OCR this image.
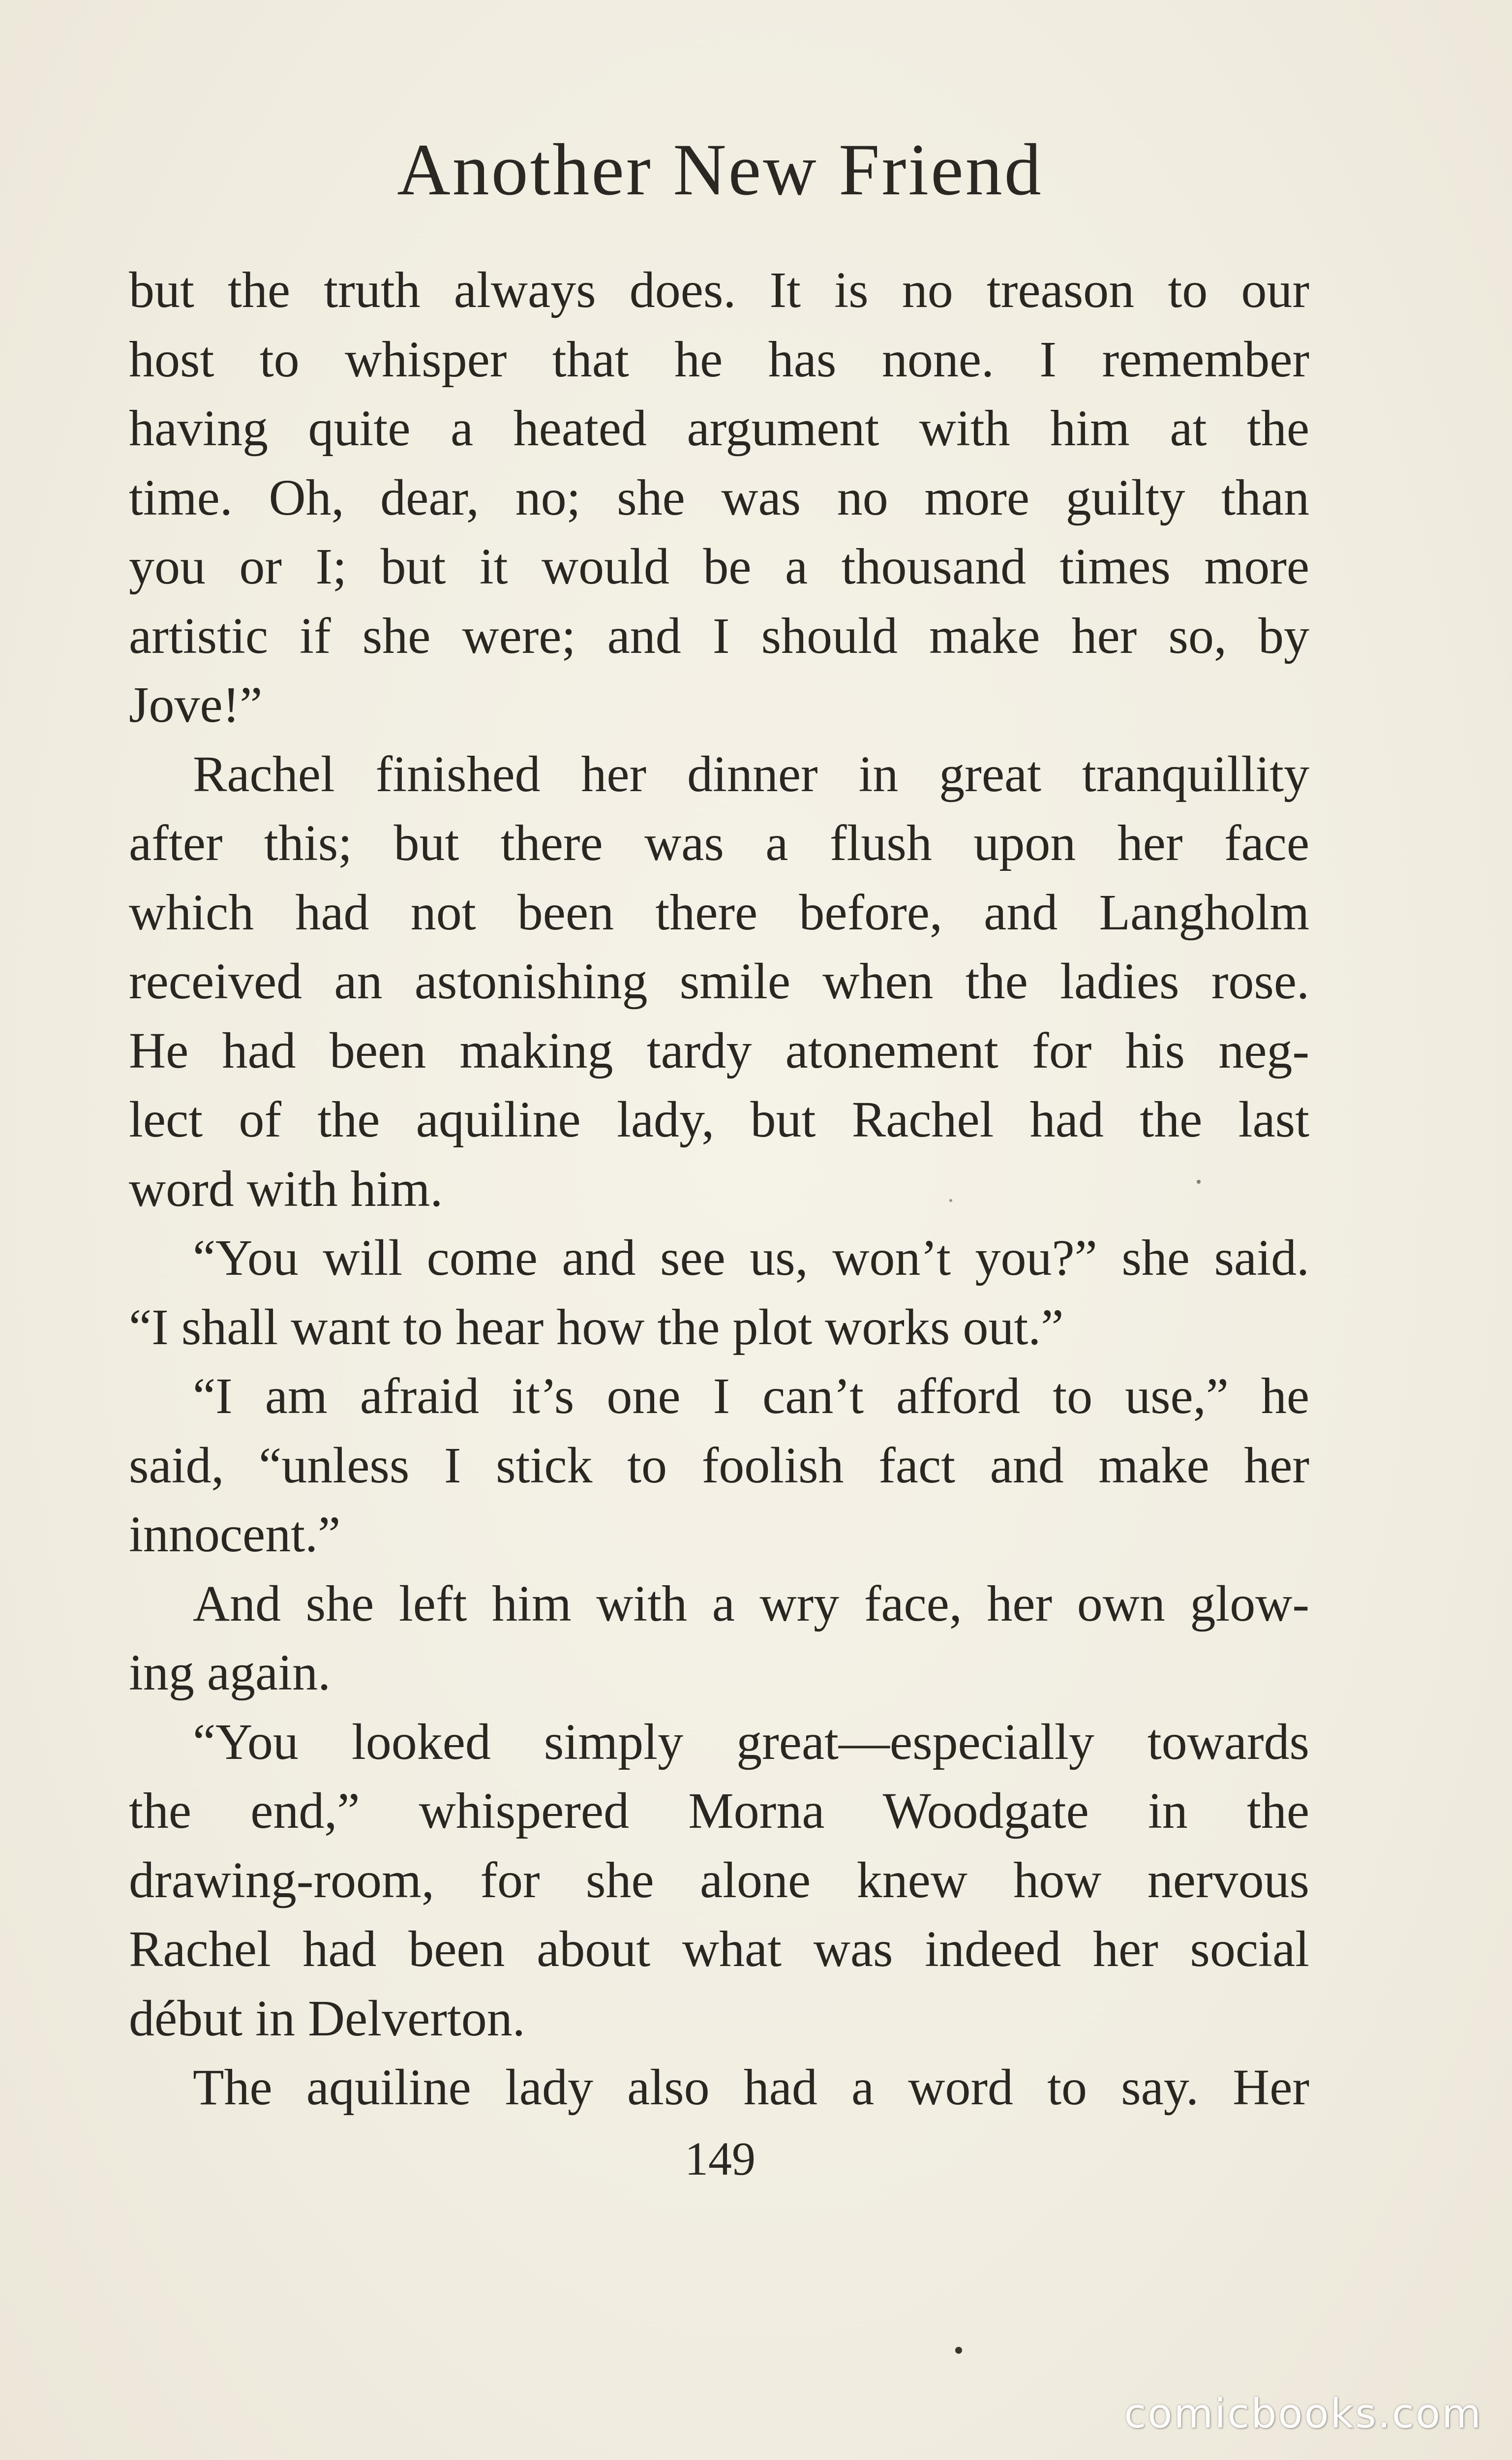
Another New Friend
but the truth always does. It is no treason to our
host to whisper that he has none. I remember
having quite a heated argument with him at the
time. Oh, dear, no; she was no more guilty than
you or I; but it would be a thousand times more
artistic if she were; and I should make her so, by
Jove!”
Rachel finished her dinner in great tranquillity
after this; but there was a flush upon her face
which had not been there before, and Langholm
received an astonishing smile when the ladies rose.
He had been making tardy atonement for his neg-
lect of the aquiline lady, but Rachel had the last
word with him.
“You will come and see us, won’t you?” she said.
“I shall want to hear how the plot works out.”
“I am afraid it’s one I can’t afford to use,” he
said, “unless I stick to foolish fact and make her
innocent.”
And she left him with a wry face, her own glow-
ing again.
“You looked simply great—especially towards
the end,” whispered Morna Woodgate in the
drawing-room, for she alone knew how nervous
Rachel had been about what was indeed her social
début in Delverton.
The aquiline lady also had a word to say. Her
149
comicbooks.com
